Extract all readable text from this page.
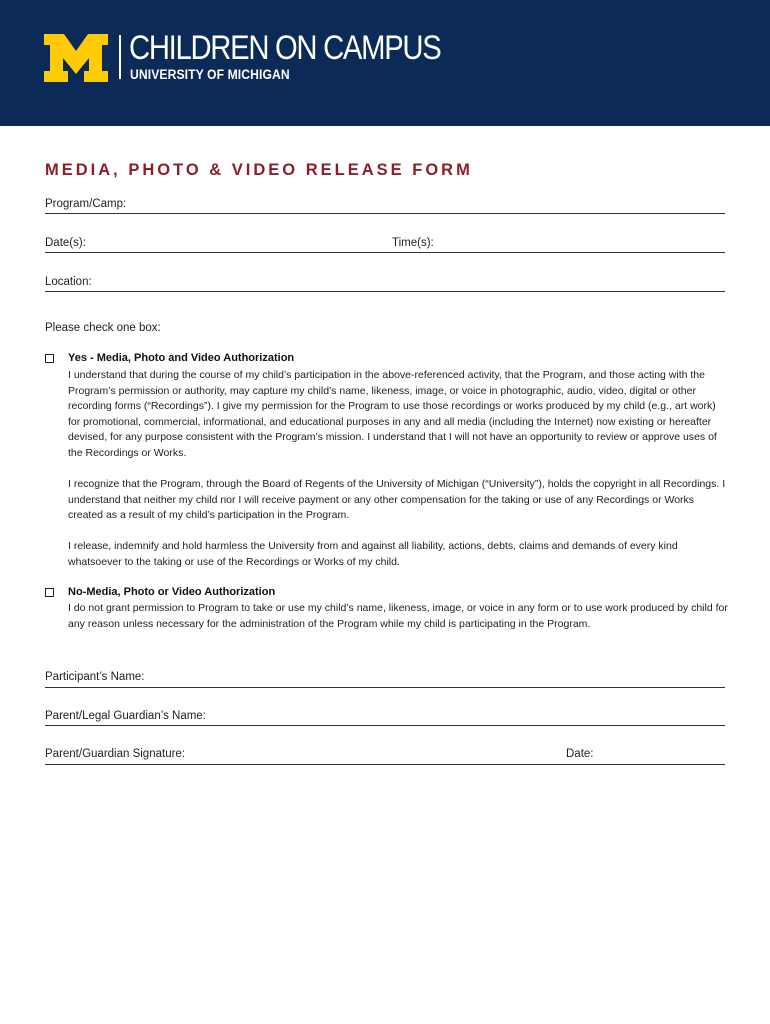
CHILDREN ON CAMPUS
UNIVERSITY OF MICHIGAN
MEDIA, PHOTO & VIDEO RELEASE FORM
Program/Camp:
Date(s):	Time(s):
Location:
Please check one box:
Yes - Media, Photo and Video Authorization

I understand that during the course of my child’s participation in the above-referenced activity, that the Program, and those acting with the Program’s permission or authority, may capture my child’s name, likeness, image, or voice in photographic, audio, video, digital or other recording forms (“Recordings”). I give my permission for the Program to use those recordings or works produced by my child (e.g., art work) for promotional, commercial, informational, and educational purposes in any and all media (including the Internet) now existing or hereafter devised, for any purpose consistent with the Program’s mission. I understand that I will not have an opportunity to review or approve uses of the Recordings or Works.

I recognize that the Program, through the Board of Regents of the University of Michigan (“University”), holds the copyright in all Recordings. I understand that neither my child nor I will receive payment or any other compensation for the taking or use of any Recordings or Works created as a result of my child’s participation in the Program.

I release, indemnify and hold harmless the University from and against all liability, actions, debts, claims and demands of every kind whatsoever to the taking or use of the Recordings or Works of my child.

No-Media, Photo or Video Authorization

I do not grant permission to Program to take or use my child’s name, likeness, image, or voice in any form or to use work produced by child for any reason unless necessary for the administration of the Program while my child is participating in the Program.

Participant’s Name:
Parent/Legal Guardian’s Name:
Parent/Guardian Signature:	Date:
